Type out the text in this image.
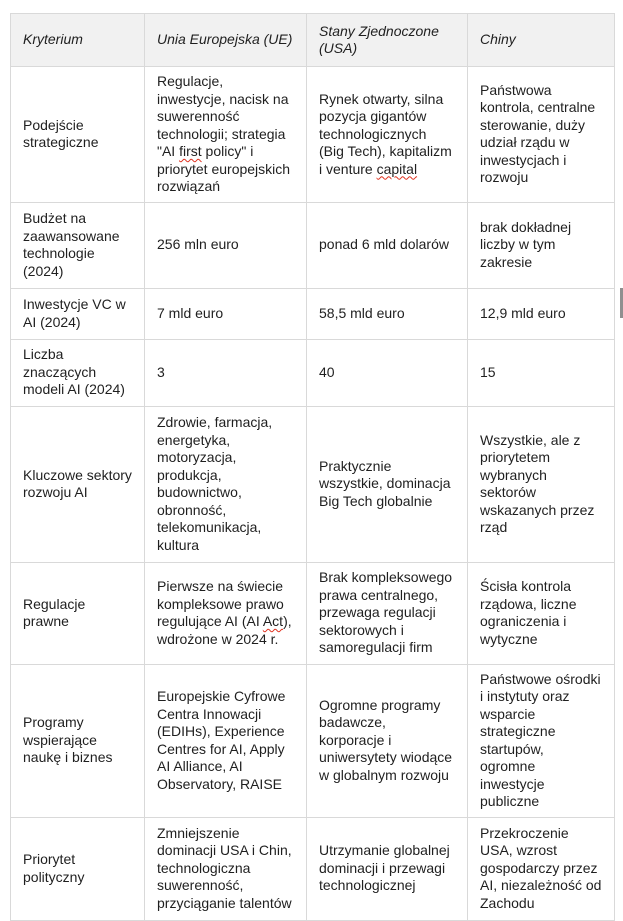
Kryterium	Unia Europejska (UE)	Stany Zjednoczone (USA)	Chiny
Podejście strategiczne	Regulacje, inwestycje, nacisk na suwerenność technologii; strategia "AI first policy" i priorytet europejskich rozwiązań	Rynek otwarty, silna pozycja gigantów technologicznych (Big Tech), kapitalizm i venture capital	Państwowa kontrola, centralne sterowanie, duży udział rządu w inwestycjach i rozwoju
Budżet na zaawansowane technologie (2024)	256 mln euro	ponad 6 mld dolarów	brak dokładnej liczby w tym zakresie
Inwestycje VC w AI (2024)	7 mld euro	58,5 mld euro	12,9 mld euro
Liczba znaczących modeli AI (2024)	3	40	15
Kluczowe sektory rozwoju AI	Zdrowie, farmacja, energetyka, motoryzacja, produkcja, budownictwo, obronność, telekomunikacja, kultura	Praktycznie wszystkie, dominacja Big Tech globalnie	Wszystkie, ale z priorytetem wybranych sektorów wskazanych przez rząd
Regulacje prawne	Pierwsze na świecie kompleksowe prawo regulujące AI (AI Act), wdrożone w 2024 r.	Brak kompleksowego prawa centralnego, przewaga regulacji sektorowych i samoregulacji firm	Ścisła kontrola rządowa, liczne ograniczenia i wytyczne
Programy wspierające naukę i biznes	Europejskie Cyfrowe Centra Innowacji (EDIHs), Experience Centres for AI, Apply AI Alliance, AI Observatory, RAISE	Ogromne programy badawcze, korporacje i uniwersytety wiodące w globalnym rozwoju	Państwowe ośrodki i instytuty oraz wsparcie strategiczne startupów, ogromne inwestycje publiczne
Priorytet polityczny	Zmniejszenie dominacji USA i Chin, technologiczna suwerenność, przyciąganie talentów	Utrzymanie globalnej dominacji i przewagi technologicznej	Przekroczenie USA, wzrost gospodarczy przez AI, niezależność od Zachodu
